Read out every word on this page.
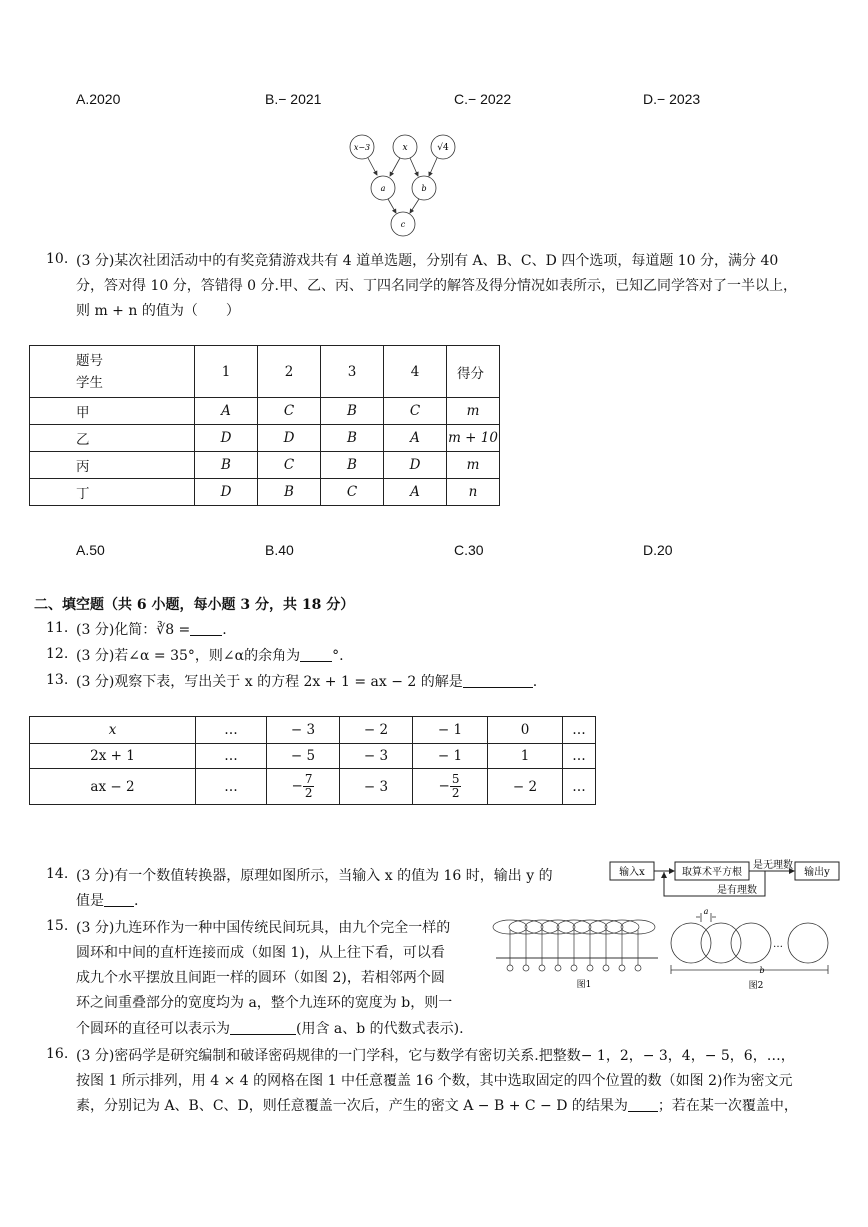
A.2020	B.− 2021	C.− 2022	D.− 2023
x−3	x	√4
a	b
c
10. (3 分)某次社团活动中的有奖竞猜游戏共有 4 道单选题，分别有 A、B、C、D 四个选项，每道题 10 分，满分 40
分，答对得 10 分，答错得 0 分.甲、乙、丙、丁四名同学的解答及得分情况如表所示，已知乙同学答对了一半以上，
则 m + n 的值为（　　）
题号
学生	1	2	3	4	得分
甲	A	C	B	C	m
乙	D	D	B	A	m + 10
丙	B	C	B	D	m
丁	D	B	C	A	n
A.50	B.40	C.30	D.20
二、填空题（共 6 小题，每小题 3 分，共 18 分）
11. (3 分)化简：∛8 = .
12. (3 分)若∠α = 35°，则∠α的余角为 °.
13. (3 分)观察下表，写出关于 x 的方程 2x + 1 = ax − 2 的解是	.
x	…	− 3	− 2	− 1	0	…
2x + 1	…	− 5	− 3	− 1	1	…
ax − 2	…	− $\frac{7}{2}$	− 3	− $\frac{5}{2}$	− 2	…
14. (3 分)有一个数值转换器，原理如图所示，当输入 x 的值为 16 时，输出 y 的
值是 .
输入x	取算术平方根
是无理数
输出y
是有理数
15. (3 分)九连环作为一种中国传统民间玩具，由九个完全一样的
圆环和中间的直杆连接而成（如图 1)，从上往下看，可以看
成九个水平摆放且间距一样的圆环（如图 2)，若相邻两个圆
环之间重叠部分的宽度均为 a，整个九连环的宽度为 b，则一
个圆环的直径可以表示为	(用含 a、b 的代数式表示).
图1
a
…
b
图2
16. (3 分)密码学是研究编制和破译密码规律的一门学科，它与数学有密切关系.把整数− 1，2，− 3，4，− 5，6，…，
按图 1 所示排列，用 4 × 4 的网格在图 1 中任意覆盖 16 个数，其中选取固定的四个位置的数（如图 2)作为密文元
素，分别记为 A、B、C、D，则任意覆盖一次后，产生的密文 A − B + C − D 的结果为 ；若在某一次覆盖中，
